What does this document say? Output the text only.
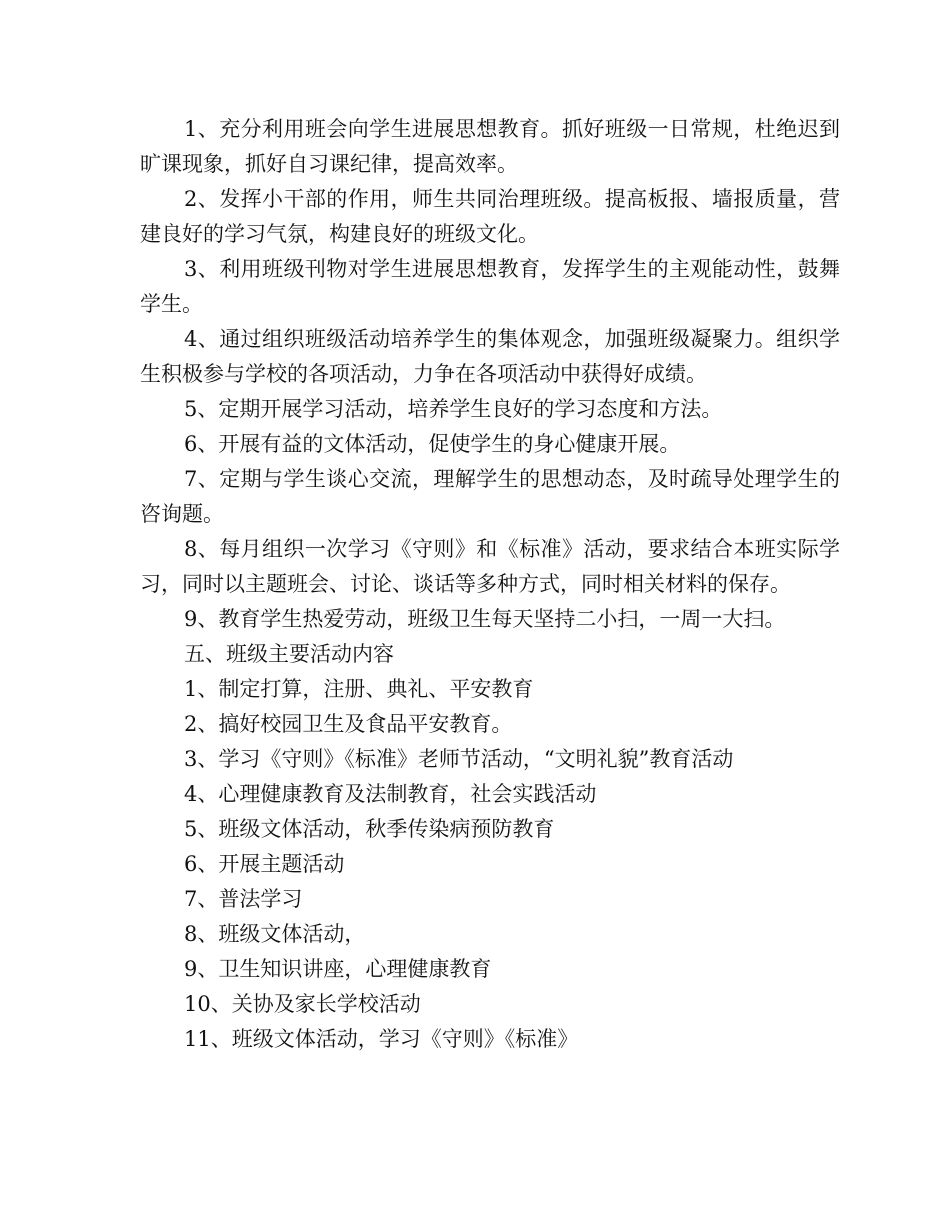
1、充分利用班会向学生进展思想教育。抓好班级一日常规，杜绝迟到旷课现象，抓好自习课纪律，提高效率。

2、发挥小干部的作用，师生共同治理班级。提高板报、墙报质量，营建良好的学习气氛，构建良好的班级文化。

3、利用班级刊物对学生进展思想教育，发挥学生的主观能动性，鼓舞学生。

4、通过组织班级活动培养学生的集体观念，加强班级凝聚力。组织学生积极参与学校的各项活动，力争在各项活动中获得好成绩。

5、定期开展学习活动，培养学生良好的学习态度和方法。

6、开展有益的文体活动，促使学生的身心健康开展。

7、定期与学生谈心交流，理解学生的思想动态，及时疏导处理学生的咨询题。

8、每月组织一次学习《守则》和《标准》活动，要求结合本班实际学习，同时以主题班会、讨论、谈话等多种方式，同时相关材料的保存。

9、教育学生热爱劳动，班级卫生每天坚持二小扫，一周一大扫。

五、班级主要活动内容

1、制定打算，注册、典礼、平安教育

2、搞好校园卫生及食品平安教育。

3、学习《守则》《标准》老师节活动，“文明礼貌”教育活动

4、心理健康教育及法制教育，社会实践活动

5、班级文体活动，秋季传染病预防教育

6、开展主题活动

7、普法学习

8、班级文体活动，

9、卫生知识讲座，心理健康教育

10、关协及家长学校活动

11、班级文体活动，学习《守则》《标准》
